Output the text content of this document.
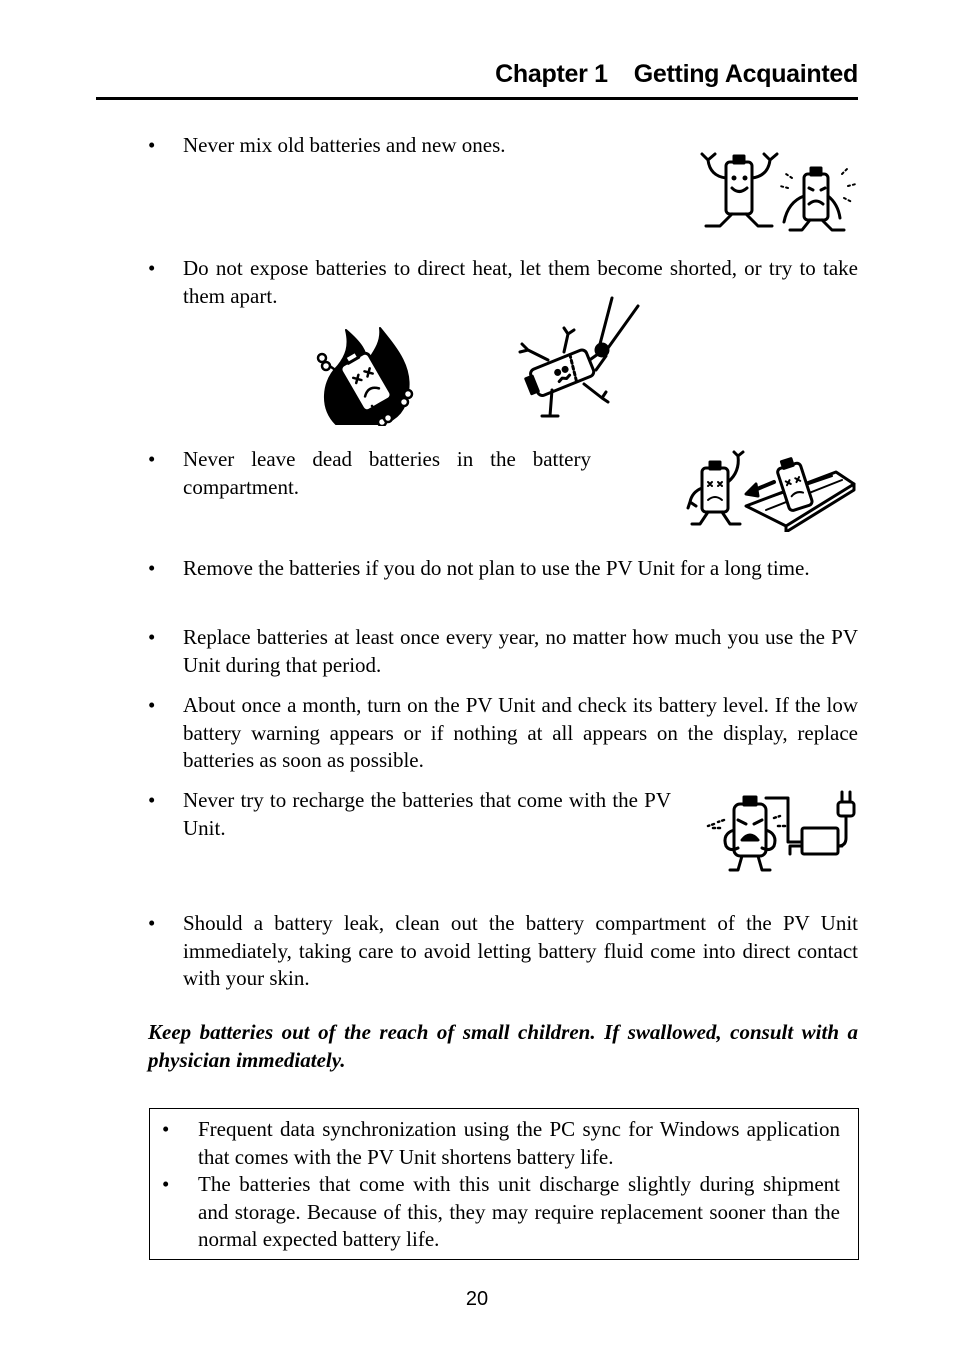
Chapter 1 Getting Acquainted
• Never mix old batteries and new ones.
• Do not expose batteries to direct heat, let them become shorted, or try to take them apart.
• Never leave dead batteries in the battery compartment.
• Remove the batteries if you do not plan to use the PV Unit for a long time.
• Replace batteries at least once every year, no matter how much you use the PV Unit during that period.
• About once a month, turn on the PV Unit and check its battery level. If the low battery warning appears or if nothing at all appears on the display, replace batteries as soon as possible.
• Never try to recharge the batteries that come with the PV Unit.
• Should a battery leak, clean out the battery compartment of the PV Unit immediately, taking care to avoid letting battery fluid come into direct contact with your skin.
Keep batteries out of the reach of small children. If swallowed, consult with a physician immediately.
• Frequent data synchronization using the PC sync for Windows application that comes with the PV Unit shortens battery life.
• The batteries that come with this unit discharge slightly during shipment and storage. Because of this, they may require replacement sooner than the normal expected battery life.
20
